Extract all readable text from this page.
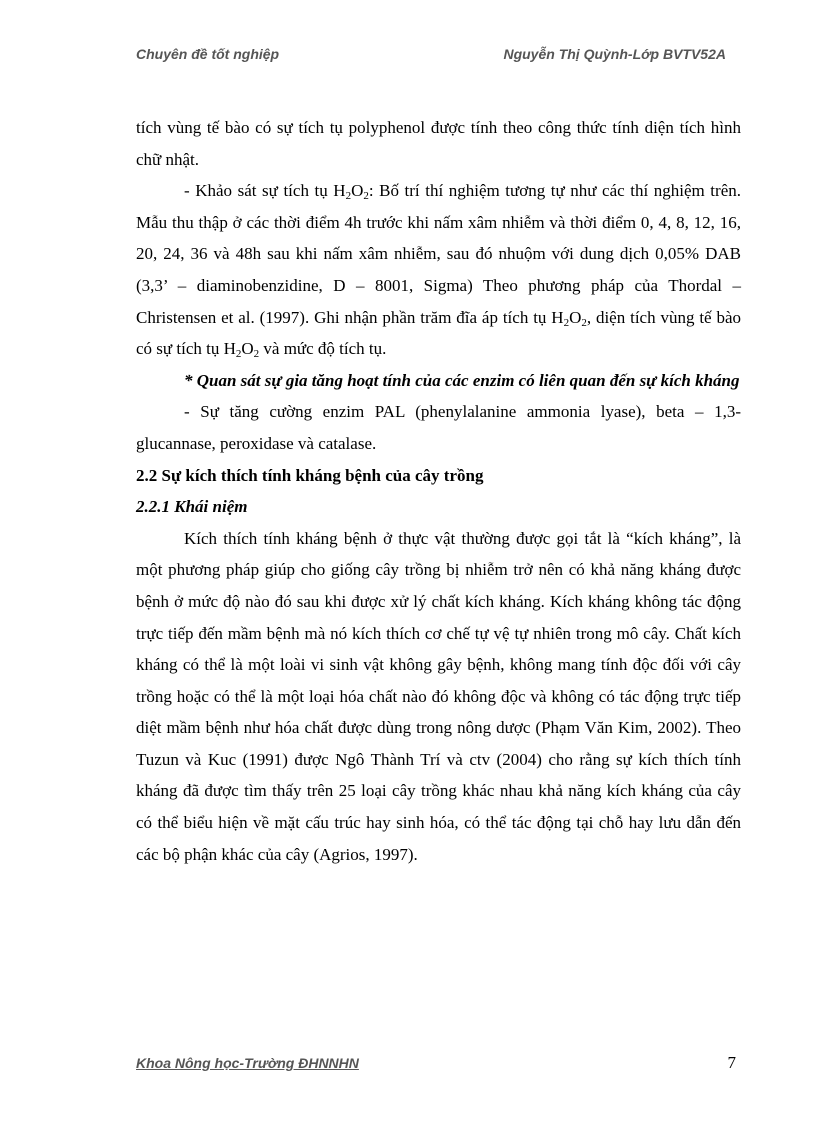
Chuyên đề tốt nghiệp	Nguyễn Thị Quỳnh-Lớp BVTV52A

tích vùng tế bào có sự tích tụ polyphenol được tính theo công thức tính diện tích hình chữ nhật.

- Khảo sát sự tích tụ $H_2O_2$: Bố trí thí nghiệm tương tự như các thí nghiệm trên. Mẫu thu thập ở các thời điểm 4h trước khi nấm xâm nhiễm và thời điểm 0, 4, 8, 12, 16, 20, 24, 36 và 48h sau khi nấm xâm nhiễm, sau đó nhuộm với dung dịch 0,05% DAB (3,3’ – diaminobenzidine, D – 8001, Sigma) Theo phương pháp của Thordal – Christensen et al. (1997). Ghi nhận phần trăm đĩa áp tích tụ $H_2O_2$, diện tích vùng tế bào có sự tích tụ $H_2O_2$ và mức độ tích tụ.

* Quan sát sự gia tăng hoạt tính của các enzim có liên quan đến sự kích kháng

- Sự tăng cường enzim PAL (phenylalanine ammonia lyase), beta – 1,3- glucannase, peroxidase và catalase.

2.2 Sự kích thích tính kháng bệnh của cây trồng

2.2.1 Khái niệm

Kích thích tính kháng bệnh ở thực vật thường được gọi tắt là “kích kháng”, là một phương pháp giúp cho giống cây trồng bị nhiễm trở nên có khả năng kháng được bệnh ở mức độ nào đó sau khi được xử lý chất kích kháng. Kích kháng không tác động trực tiếp đến mầm bệnh mà nó kích thích cơ chế tự vệ tự nhiên trong mô cây. Chất kích kháng có thể là một loài vi sinh vật không gây bệnh, không mang tính độc đối với cây trồng hoặc có thể là một loại hóa chất nào đó không độc và không có tác động trực tiếp diệt mầm bệnh như hóa chất được dùng trong nông dược (Phạm Văn Kim, 2002). Theo Tuzun và Kuc (1991) được Ngô Thành Trí và ctv (2004) cho rằng sự kích thích tính kháng đã được tìm thấy trên 25 loại cây trồng khác nhau khả năng kích kháng của cây có thể biểu hiện về mặt cấu trúc hay sinh hóa, có thể tác động tại chỗ hay lưu dẫn đến các bộ phận khác của cây (Agrios, 1997).

Khoa Nông học-Trường ĐHNNHN	7
